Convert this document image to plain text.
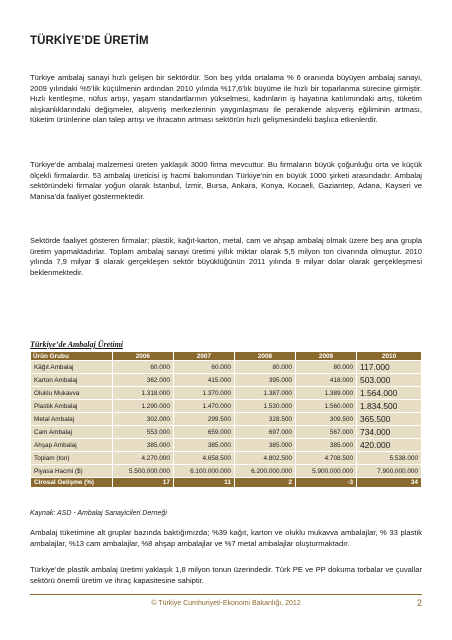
TÜRKİYE’DE ÜRETİM

Türkiye ambalaj sanayi hızlı gelişen bir sektördür. Son beş yılda ortalama % 6 oranında büyüyen ambalaj sanayi, 2009 yılındaki %5’lik küçülmenin ardından 2010 yılında %17,6’lık büyüme ile hızlı bir toparlanma sürecine girmiştir. Hızlı kentleşme, nüfus artışı, yaşam standartlarının yükselmesi, kadınların iş hayatına katılımındaki artış, tüketim alışkanlıklarındaki değişmeler, alışveriş merkezlerinin yaygınlaşması ile perakende alışveriş eğiliminin artması, tüketim ürünlerine olan talep artışı ve ihracatın artması sektörün hızlı gelişmesindeki başlıca etkenlerdir.

Türkiye'de ambalaj malzemesi üreten yaklaşık 3000 firma mevcuttur. Bu firmaların büyük çoğunluğu orta ve küçük ölçekli firmalardır. 53 ambalaj üreticisi iş hacmi bakımından Türkiye'nin en büyük 1000 şirketi arasındadır. Ambalaj sektöründeki firmalar yoğun olarak İstanbul, İzmir, Bursa, Ankara, Konya, Kocaeli, Gaziantep, Adana, Kayseri ve Manisa’da faaliyet göstermektedir.

Sektörde faaliyet gösteren firmalar; plastik, kağıt-karton, metal, cam ve ahşap ambalaj olmak üzere beş ana grupla üretim yapmaktadırlar. Toplam ambalaj sanayi üretimi yıllık miktar olarak 5,5 milyon ton civarında olmuştur. 2010 yılında 7,9 milyar $ olarak gerçekleşen sektör büyüklüğünün 2011 yılında 9 milyar dolar olarak gerçekleşmesi beklenmektedir.

Türkiye’de Ambalaj Üretimi
Ürün Grubu	2006	2007	2008	2009	2010
Kâğıt Ambalaj	60.000	60.000	80.000	80.000	117.000
Karton Ambalaj	362.000	415.000	395.000	418.000	503.000
Oluklu Mukavva	1.318.000	1.370.000	1.387.000	1.389.000	1.564.000
Plastik Ambalaj	1.290.000	1.470.000	1.530.000	1.560.000	1.834.500
Metal Ambalaj	302.000	299.500	328.500	309.500	365.500
Cam Ambalaj	553.000	659.000	697.000	567.000	734.000
Ahşap Ambalaj	385.000	385.000	385.000	385.000	420.000
Toplam (ton)	4.270.000	4.658.500	4.802.500	4.708.500	5.538.000
Piyasa Hacmi ($)	5.500.000.000	6.100.000.000	6.200.000.000	5.900.000.000	7.900.000.000
Cirosal Gelişme (%)	17	11	2	-3	34
Kaynak: ASD - Ambalaj Sanayicileri Derneği

Ambalaj tüketimine alt gruplar bazında baktığımızda; %39 kağıt, karton ve oluklu mukavva ambalajlar, % 33 plastik ambalajlar, %13 cam ambalajlar, %8 ahşap ambalajlar ve %7 metal ambalajlar oluşturmaktadır.

Türkiye’de plastik ambalaj üretimi yaklaşık 1,8 milyon tonun üzerindedir. Türk PE ve PP dokuma torbalar ve çuvallar sektörü önemli üretim ve ihraç kapasitesine sahiptir.

© Türkiye Cumhuriyeti-Ekonomi Bakanlığı, 2012	2
